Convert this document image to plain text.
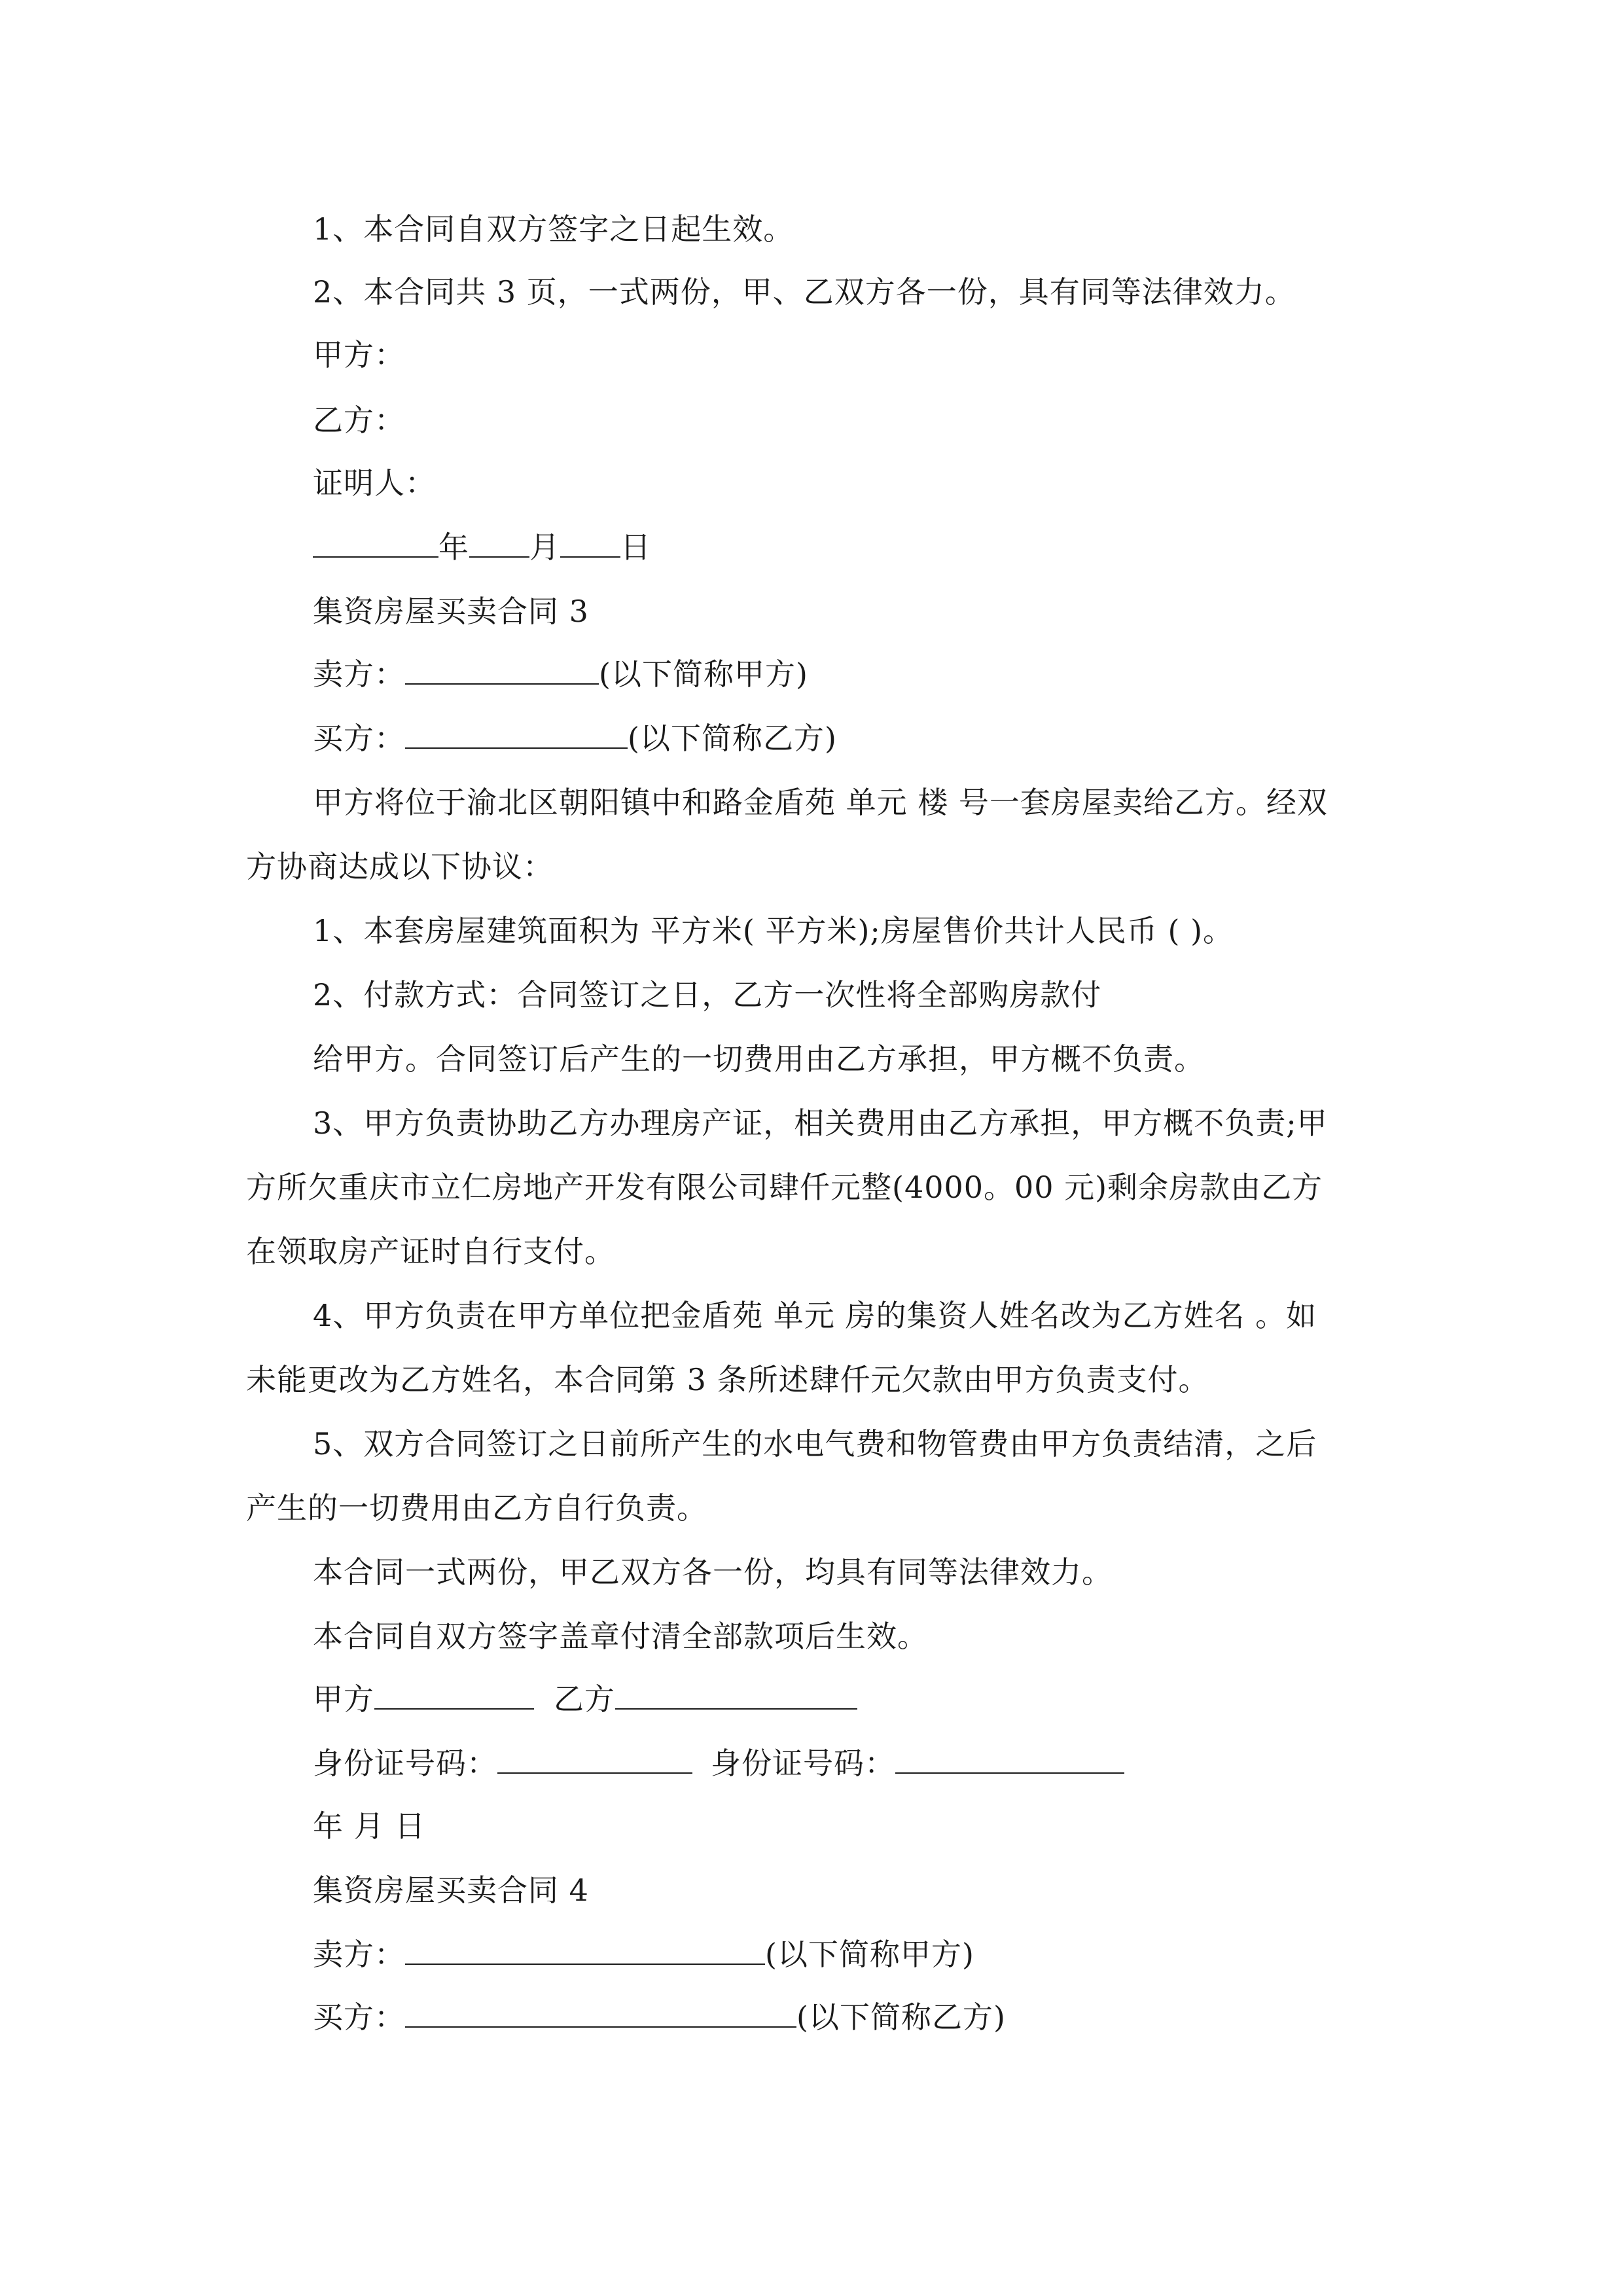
1、本合同自双方签字之日起生效。
2、本合同共 3 页，一式两份，甲、乙双方各一份，具有同等法律效力。
甲方：
乙方：
证明人：
年 月 日
集资房屋买卖合同 3
卖方：	(以下简称甲方)
买方：	(以下简称乙方)
甲方将位于渝北区朝阳镇中和路金盾苑 单元 楼 号一套房屋卖给乙方。经双
方协商达成以下协议：
1、本套房屋建筑面积为 平方米( 平方米);房屋售价共计人民币 ( )。
2、付款方式：合同签订之日，乙方一次性将全部购房款付
给甲方。合同签订后产生的一切费用由乙方承担，甲方概不负责。
3、甲方负责协助乙方办理房产证，相关费用由乙方承担，甲方概不负责;甲
方所欠重庆市立仁房地产开发有限公司肆仟元整(4000。00 元)剩余房款由乙方
在领取房产证时自行支付。
4、甲方负责在甲方单位把金盾苑 单元 房的集资人姓名改为乙方姓名 。如
未能更改为乙方姓名，本合同第 3 条所述肆仟元欠款由甲方负责支付。
5、双方合同签订之日前所产生的水电气费和物管费由甲方负责结清，之后
产生的一切费用由乙方自行负责。
本合同一式两份，甲乙双方各一份，均具有同等法律效力。
本合同自双方签字盖章付清全部款项后生效。
甲方	乙方
身份证号码：	身份证号码：
年 月 日
集资房屋买卖合同 4
卖方：	(以下简称甲方)
买方：	(以下简称乙方)
